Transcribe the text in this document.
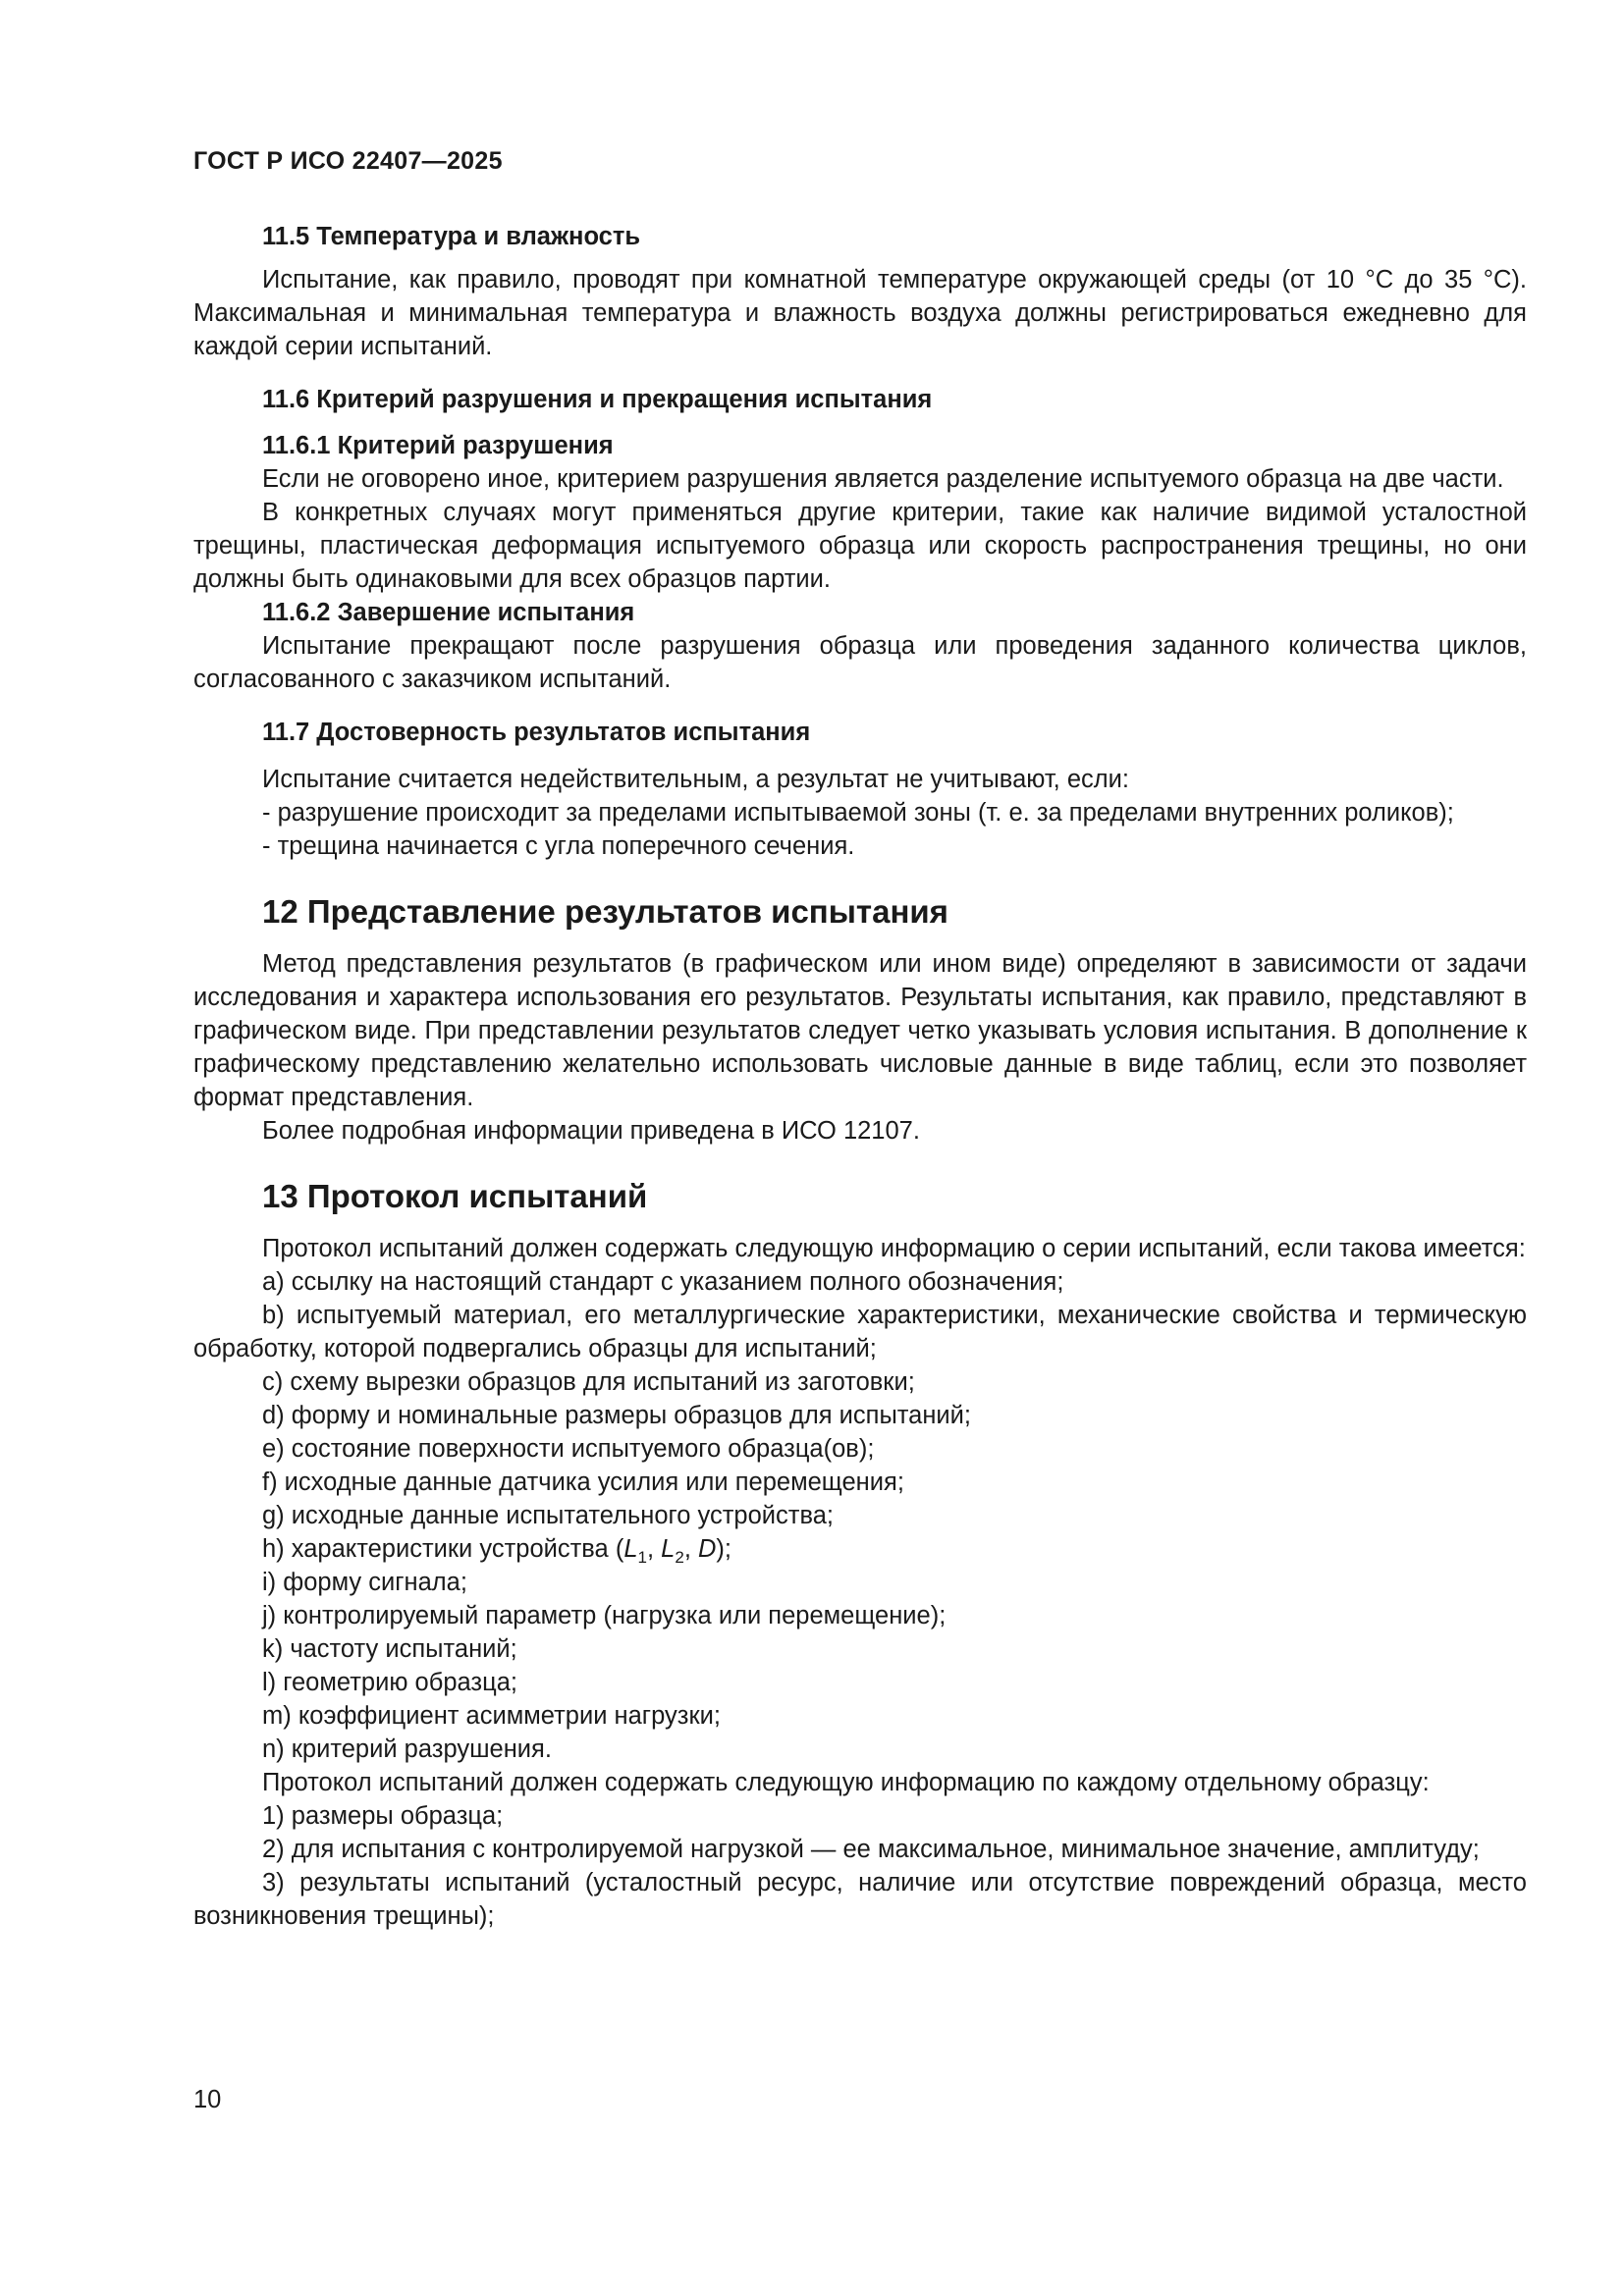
ГОСТ Р ИСО 22407—2025
11.5 Температура и влажность

Испытание, как правило, проводят при комнатной температуре окружающей среды (от 10 °C до 35 °C). Максимальная и минимальная температура и влажность воздуха должны регистрироваться ежедневно для каждой серии испытаний.

11.6 Критерий разрушения и прекращения испытания
11.6.1 Критерий разрушения

Если не оговорено иное, критерием разрушения является разделение испытуемого образца на две части.

В конкретных случаях могут применяться другие критерии, такие как наличие видимой усталостной трещины, пластическая деформация испытуемого образца или скорость распространения трещины, но они должны быть одинаковыми для всех образцов партии.

11.6.2 Завершение испытания

Испытание прекращают после разрушения образца или проведения заданного количества циклов, согласованного с заказчиком испытаний.

11.7 Достоверность результатов испытания

Испытание считается недействительным, а результат не учитывают, если:

- разрушение происходит за пределами испытываемой зоны (т. е. за пределами внутренних роликов);
- трещина начинается с угла поперечного сечения.
12 Представление результатов испытания

Метод представления результатов (в графическом или ином виде) определяют в зависимости от задачи исследования и характера использования его результатов. Результаты испытания, как правило, представляют в графическом виде. При представлении результатов следует четко указывать условия испытания. В дополнение к графическому представлению желательно использовать числовые данные в виде таблиц, если это позволяет формат представления.

Более подробная информации приведена в ИСО 12107.

13 Протокол испытаний

Протокол испытаний должен содержать следующую информацию о серии испытаний, если такова имеется:

a) ссылку на настоящий стандарт с указанием полного обозначения;

b) испытуемый материал, его металлургические характеристики, механические свойства и термическую обработку, которой подвергались образцы для испытаний;

c) схему вырезки образцов для испытаний из заготовки;

d) форму и номинальные размеры образцов для испытаний;

e) состояние поверхности испытуемого образца(ов);

f) исходные данные датчика усилия или перемещения;

g) исходные данные испытательного устройства;

h) характеристики устройства ($L_1$, $L_2$, D);

i) форму сигнала;

j) контролируемый параметр (нагрузка или перемещение);

k) частоту испытаний;

l) геометрию образца;

m) коэффициент асимметрии нагрузки;

n) критерий разрушения.

Протокол испытаний должен содержать следующую информацию по каждому отдельному образцу:

1) размеры образца;

2) для испытания с контролируемой нагрузкой — ее максимальное, минимальное значение, амплитуду;

3) результаты испытаний (усталостный ресурс, наличие или отсутствие повреждений образца, место возникновения трещины);

10
